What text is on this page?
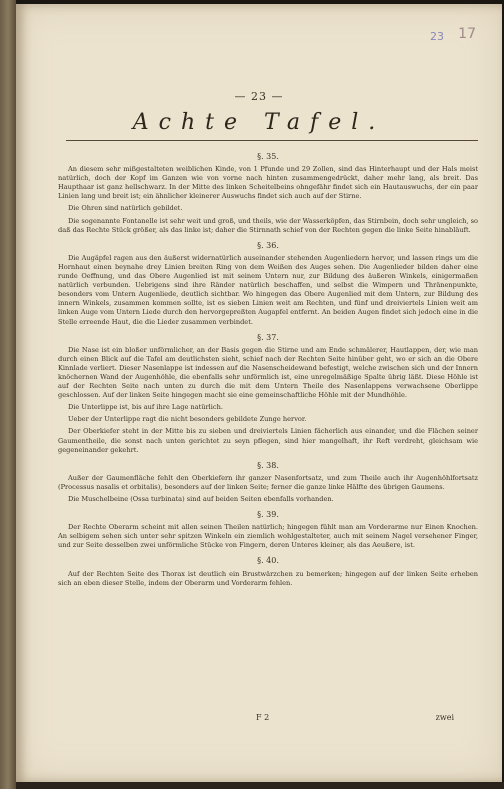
23 17
— 23 —
Achte Tafel.
§. 35.

An diesem sehr mißgestalteten weiblichen Kinde, von 1 Pfunde und 29 Zollen, sind das Hinterhaupt und der Hals meist natürlich, doch der Kopf im Ganzen wie von vorne nach hinten zusammengedrückt, daher mehr lang, als breit. Das Haupthaar ist ganz hellschwarz. In der Mitte des linken Scheitelbeins ohngefähr findet sich ein Hautauswuchs, der ein paar Linien lang und breit ist; ein ähnlicher kleinerer Auswuchs findet sich auch auf der Stirne.

Die Ohren sind natürlich gebildet.

Die sogenannte Fontanelle ist sehr weit und groß, und theils, wie der Wasserköpfen, das Stirnbein, doch sehr ungleich, so daß das Rechte Stück größer, als das linke ist; daher die Stirnnath schief von der Rechten gegen die linke Seite hinabläuft.

§. 36.

Die Augäpfel ragen aus den äußerst widernatürlich auseinander stehenden Augenliedern hervor, und lassen rings um die Hornhaut einen beynahe drey Linien breiten Ring von dem Weißen des Auges sehen. Die Augenlieder bilden daher eine runde Oeffnung, und das Obere Augenlied ist mit seinem Untern nur, zur Bildung des äußeren Winkels, einigermaßen natürlich verbunden. Uebrigens sind ihre Ränder natürlich beschaffen, und selbst die Wimpern und Thränenpunkte, besonders vom Untern Augenliede, deutlich sichtbar. Wo hingegen das Obere Augenlied mit dem Untern, zur Bildung des innern Winkels, zusammen kommen sollte, ist es sieben Linien weit am Rechten, und fünf und dreiviertels Linien weit am linken Auge vom Untern Liede durch den hervorgepreßten Augapfel entfernt. An beiden Augen findet sich jedoch eine in die Stelle erreende Haut, die die Lieder zusammen verbindet.

§. 37.

Die Nase ist ein bloßer unförmlicher, an der Basis gegen die Stirne und am Ende schmälerer, Hautlappen, der, wie man durch einen Blick auf die Tafel am deutlichsten sieht, schief nach der Rechten Seite hinüber geht, wo er sich an die Obere Kinnlade verliert. Dieser Nasenlappe ist indessen auf die Nasenscheidewand befestigt, welche zwischen sich und der Innern knöchernen Wand der Augenhöhle, die ebenfalls sehr unförmlich ist, eine unregelmäßige Spalte übrig läßt. Diese Höhle ist auf der Rechten Seite nach unten zu durch die mit dem Untern Theile des Nasenlappens verwachsene Oberlippe geschlossen. Auf der linken Seite hingegen macht sie eine gemeinschaftliche Höhle mit der Mundhöhle.

Die Unterlippe ist, bis auf ihre Lage natürlich.

Ueber der Unterlippe ragt die nicht besonders gebildete Zunge hervor.

Der Oberkiefer steht in der Mitte bis zu sieben und dreiviertels Linien fächerlich aus einander, und die Flächen seiner Gaumentheile, die sonst nach unten gerichtet zu seyn pflegen, sind hier mangelhaft, ihr Reft verdreht, gleichsam wie gegeneinander gekehrt.

§. 38.

Außer der Gaumenfläche fehlt den Oberkiefern ihr ganzer Nasenfortsatz, und zum Theile auch ihr Augenhöhlfortsatz (Processus nasalis et orbitalis), besonders auf der linken Seite; ferner die ganze linke Hälfte des übrigen Gaumens.

Die Muschelbeine (Ossa turbinata) sind auf beiden Seiten ebenfalls vorhanden.

§. 39.

Der Rechte Oberarm scheint mit allen seinen Theilen natürlich; hingegen fühlt man am Vorderarme nur Einen Knochen. An selbigem sehen sich unter sehr spitzen Winkeln ein ziemlich wohlgestalteter, auch mit seinem Nagel versehener Finger, und zur Seite desselben zwei unförmliche Stücke von Fingern, deren Unteres kleiner, als das Aeußere, ist.

§. 40.

Auf der Rechten Seite des Thorax ist deutlich ein Brustwärzchen zu bemerken; hingegen auf der linken Seite erheben sich an eben dieser Stelle, indem der Oberarm und Vorderarm fehlen.

F 2	zwei
